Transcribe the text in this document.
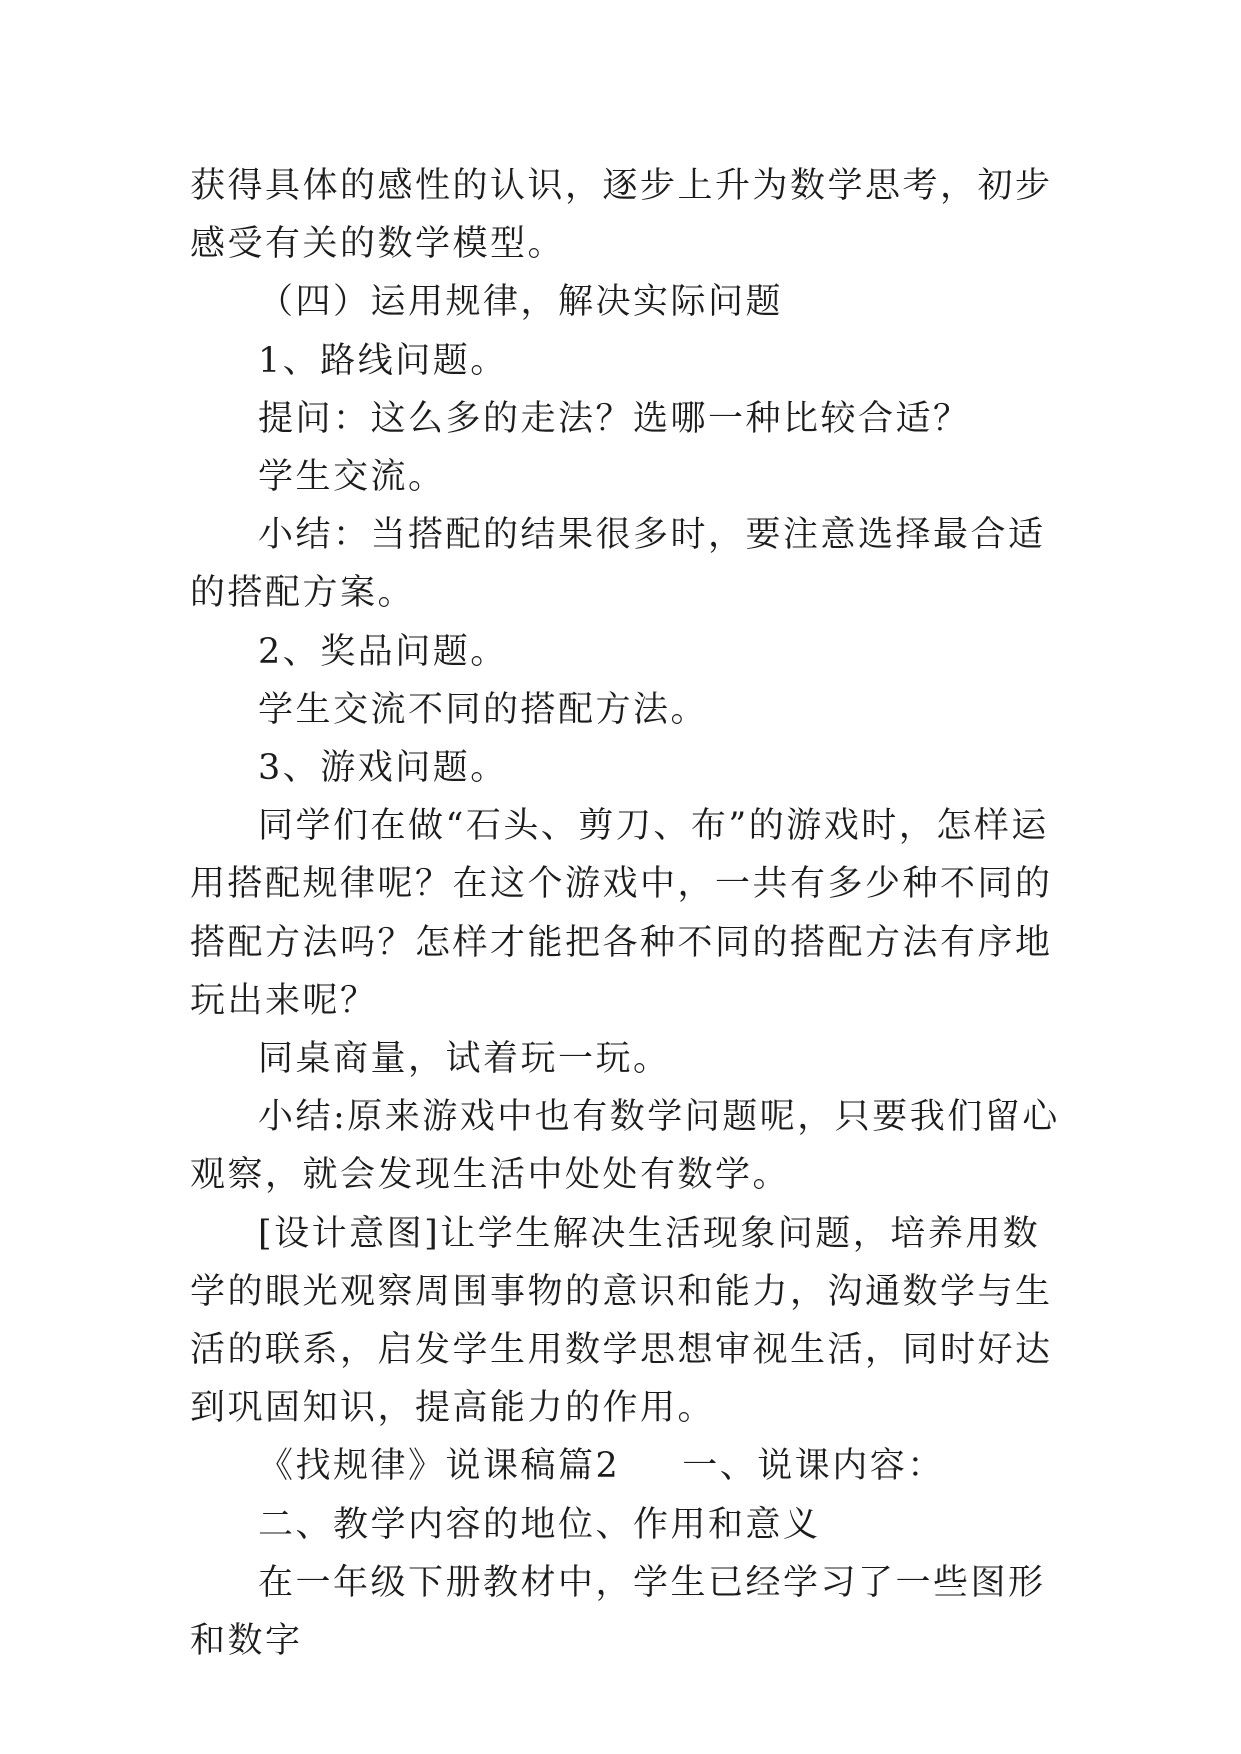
获得具体的感性的认识，逐步上升为数学思考，初步感受有关的数学模型。

（四）运用规律，解决实际问题

1、路线问题。

提问：这么多的走法？选哪一种比较合适？

学生交流。

小结：当搭配的结果很多时，要注意选择最合适的搭配方案。

2、奖品问题。

学生交流不同的搭配方法。

3、游戏问题。

同学们在做“石头、剪刀、布”的游戏时，怎样运用搭配规律呢？在这个游戏中，一共有多少种不同的搭配方法吗？怎样才能把各种不同的搭配方法有序地玩出来呢？

同桌商量，试着玩一玩。

小结:原来游戏中也有数学问题呢，只要我们留心观察，就会发现生活中处处有数学。

[设计意图]让学生解决生活现象问题，培养用数学的眼光观察周围事物的意识和能力，沟通数学与生活的联系，启发学生用数学思想审视生活，同时好达到巩固知识，提高能力的作用。

《找规律》说课稿篇2 一、说课内容：

二、教学内容的地位、作用和意义

在一年级下册教材中，学生已经学习了一些图形和数字
